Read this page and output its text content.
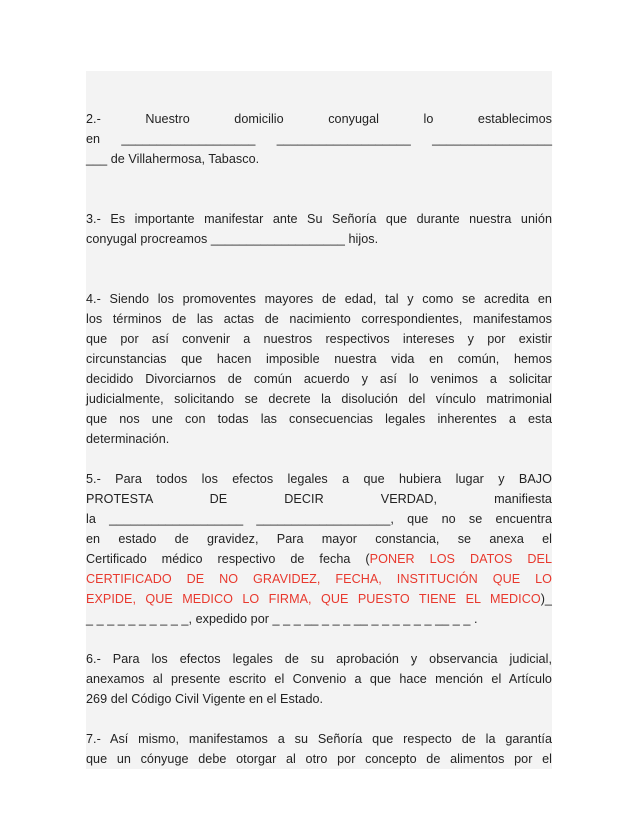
2.- Nuestro domicilio conyugal lo establecimos
en ___________________ ___________________ _________________
___ de Villahermosa, Tabasco.
3.- Es importante manifestar ante Su Señoría que durante nuestra unión
conyugal procreamos ___________________ hijos.
4.- Siendo los promoventes mayores de edad, tal y como se acredita en
los términos de las actas de nacimiento correspondientes, manifestamos
que por así convenir a nuestros respectivos intereses y por existir
circunstancias que hacen imposible nuestra vida en común, hemos
decidido Divorciarnos de común acuerdo y así lo venimos a solicitar
judicialmente, solicitando se decrete la disolución del vínculo matrimonial
que nos une con todas las consecuencias legales inherentes a esta
determinación.
5.- Para todos los efectos legales a que hubiera lugar y BAJO
PROTESTA DE DECIR VERDAD, manifiesta
la ___________________ ___________________, que no se encuentra
en estado de gravidez, Para mayor constancia, se anexa el
Certificado médico respectivo de fecha (PONER LOS DATOS DEL
CERTIFICADO DE NO GRAVIDEZ, FECHA, INSTITUCIÓN QUE LO
EXPIDE, QUE MEDICO LO FIRMA, QUE PUESTO TIENE EL MEDICO)_
_ _ _ _ _ _ _ _ _ _, expedido por _ _ _ __ _ _ _ __ _ _ _ _ _ _ __ _ _ .
6.- Para los efectos legales de su aprobación y observancia judicial,
anexamos al presente escrito el Convenio a que hace mención el Artículo
269 del Código Civil Vigente en el Estado.
7.- Así mismo, manifestamos a su Señoría que respecto de la garantía
que un cónyuge debe otorgar al otro por concepto de alimentos por el
